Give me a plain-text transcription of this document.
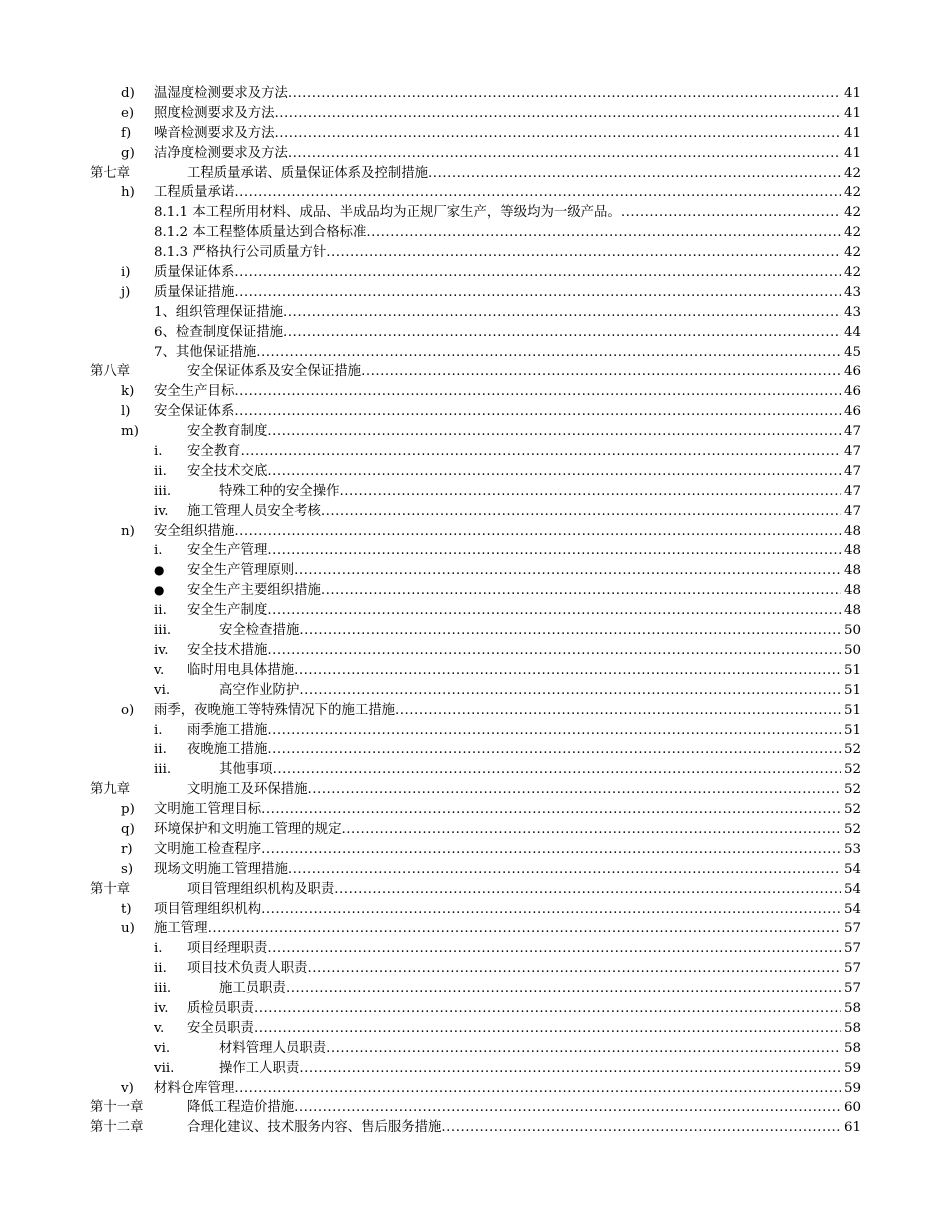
d) 温湿度检测要求及方法 .....	41
e) 照度检测要求及方法 .....	41
f) 噪音检测要求及方法 .....	41
g) 洁净度检测要求及方法 .....	41
第七章	工程质量承诺、质量保证体系及控制措施 .....	42
h) 工程质量承诺 .....	42
8.1.1 本工程所用材料、成品、半成品均为正规厂家生产，等级均为一级产品。 .....	42
8.1.2 本工程整体质量达到合格标准 .....	42
8.1.3 严格执行公司质量方针 .....	42
i) 质量保证体系 .....	42
j) 质量保证措施 .....	43
1、组织管理保证措施 .....	43
6、检查制度保证措施 .....	44
7、其他保证措施 .....	45
第八章	安全保证体系及安全保证措施 .....	46
k) 安全生产目标 .....	46
l) 安全保证体系 .....	46
m)	安全教育制度 .....	47
i. 安全教育 .....	47
ii. 安全技术交底 .....	47
iii.	特殊工种的安全操作 .....	47
iv. 施工管理人员安全考核 .....	47
n) 安全组织措施 .....	48
i. 安全生产管理 .....	48
● 安全生产管理原则 .....	48
● 安全生产主要组织措施 .....	48
ii. 安全生产制度 .....	48
iii.	安全检查措施 .....	50
iv. 安全技术措施 .....	50
v. 临时用电具体措施 .....	51
vi.	高空作业防护 .....	51
o) 雨季，夜晚施工等特殊情况下的施工措施 .....	51
i. 雨季施工措施 .....	51
ii. 夜晚施工措施 .....	52
iii.	其他事项 .....	52
第九章	文明施工及环保措施 .....	52
p) 文明施工管理目标 .....	52
q) 环境保护和文明施工管理的规定 .....	52
r) 文明施工检查程序 .....	53
s) 现场文明施工管理措施 .....	54
第十章	项目管理组织机构及职责 .....	54
t) 项目管理组织机构 .....	54
u) 施工管理 .....	57
i. 项目经理职责 .....	57
ii. 项目技术负责人职责 .....	57
iii.	施工员职责 .....	57
iv. 质检员职责 .....	58
v. 安全员职责 .....	58
vi.	材料管理人员职责 .....	58
vii.	操作工人职责 .....	59
v) 材料仓库管理 .....	59
第十一章	降低工程造价措施 .....	60
第十二章	合理化建议、技术服务内容、售后服务措施 .....	61
